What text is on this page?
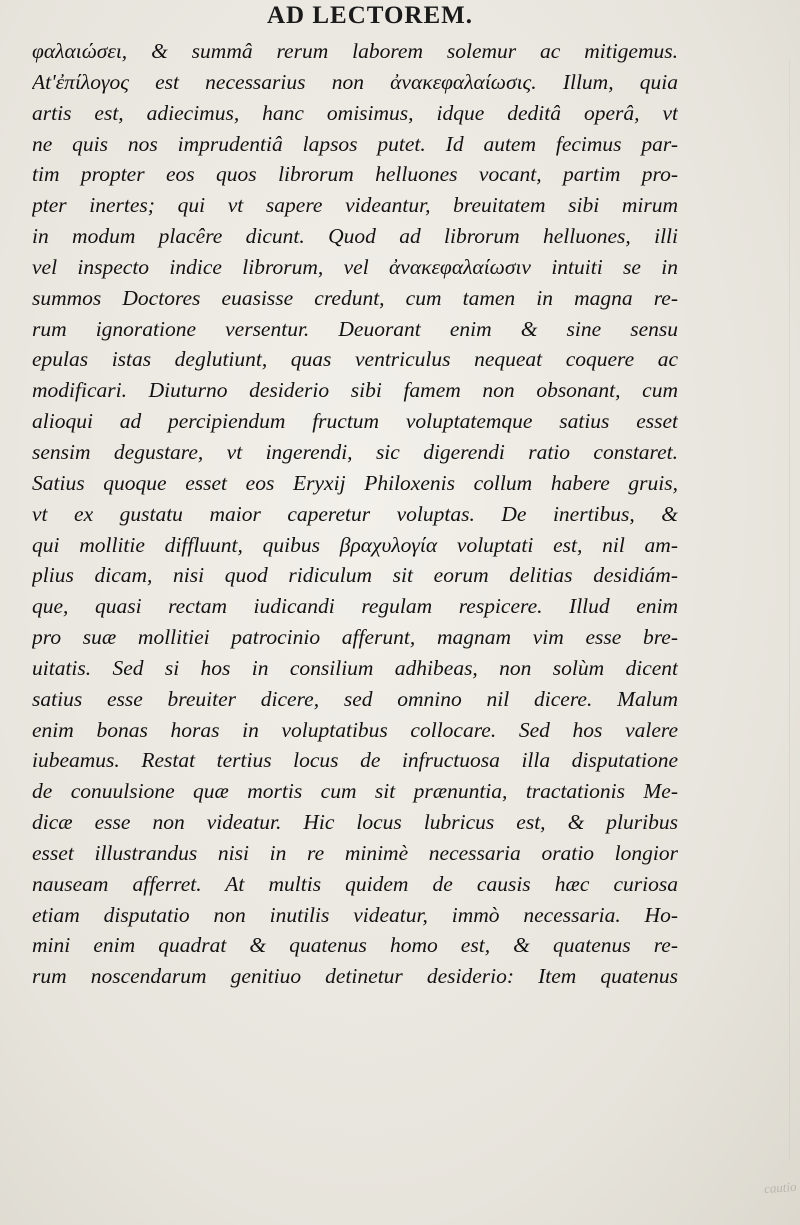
AD LECTOREM.
φαλαιώσει, & summâ rerum laborem solemur ac mitigemus.
At'ἐπίλογος est necessarius non ἀνακεφαλαίωσις. Illum, quia
artis est, adiecimus, hanc omisimus, idque deditâ operâ, vt
ne quis nos imprudentiâ lapsos putet. Id autem fecimus par-
tim propter eos quos librorum helluones vocant, partim pro-
pter inertes; qui vt sapere videantur, breuitatem sibi mirum
in modum placêre dicunt. Quod ad librorum helluones, illi
vel inspecto indice librorum, vel ἀνακεφαλαίωσιν intuiti se in
summos Doctores euasisse credunt, cum tamen in magna re-
rum ignoratione versentur. Deuorant enim & sine sensu
epulas istas deglutiunt, quas ventriculus nequeat coquere ac
modificari. Diuturno desiderio sibi famem non obsonant, cum
alioqui ad percipiendum fructum voluptatemque satius esset
sensim degustare, vt ingerendi, sic digerendi ratio constaret.
Satius quoque esset eos Eryxij Philoxenis collum habere gruis,
vt ex gustatu maior caperetur voluptas. De inertibus, &
qui mollitie diffluunt, quibus βραχυλογία voluptati est, nil am-
plius dicam, nisi quod ridiculum sit eorum delitias desidiám-
que, quasi rectam iudicandi regulam respicere. Illud enim
pro suæ mollitiei patrocinio afferunt, magnam vim esse bre-
uitatis. Sed si hos in consilium adhibeas, non solùm dicent
satius esse breuiter dicere, sed omnino nil dicere. Malum
enim bonas horas in voluptatibus collocare. Sed hos valere
iubeamus. Restat tertius locus de infructuosa illa disputatione
de conuulsione quæ mortis cum sit prænuntia, tractationis Me-
dicæ esse non videatur. Hic locus lubricus est, & pluribus
esset illustrandus nisi in re minimè necessaria oratio longior
nauseam afferret. At multis quidem de causis hæc curiosa
etiam disputatio non inutilis videatur, immò necessaria. Ho-
mini enim quadrat & quatenus homo est, & quatenus re-
rum noscendarum genitiuo detinetur desiderio: Item quatenus
cautio
